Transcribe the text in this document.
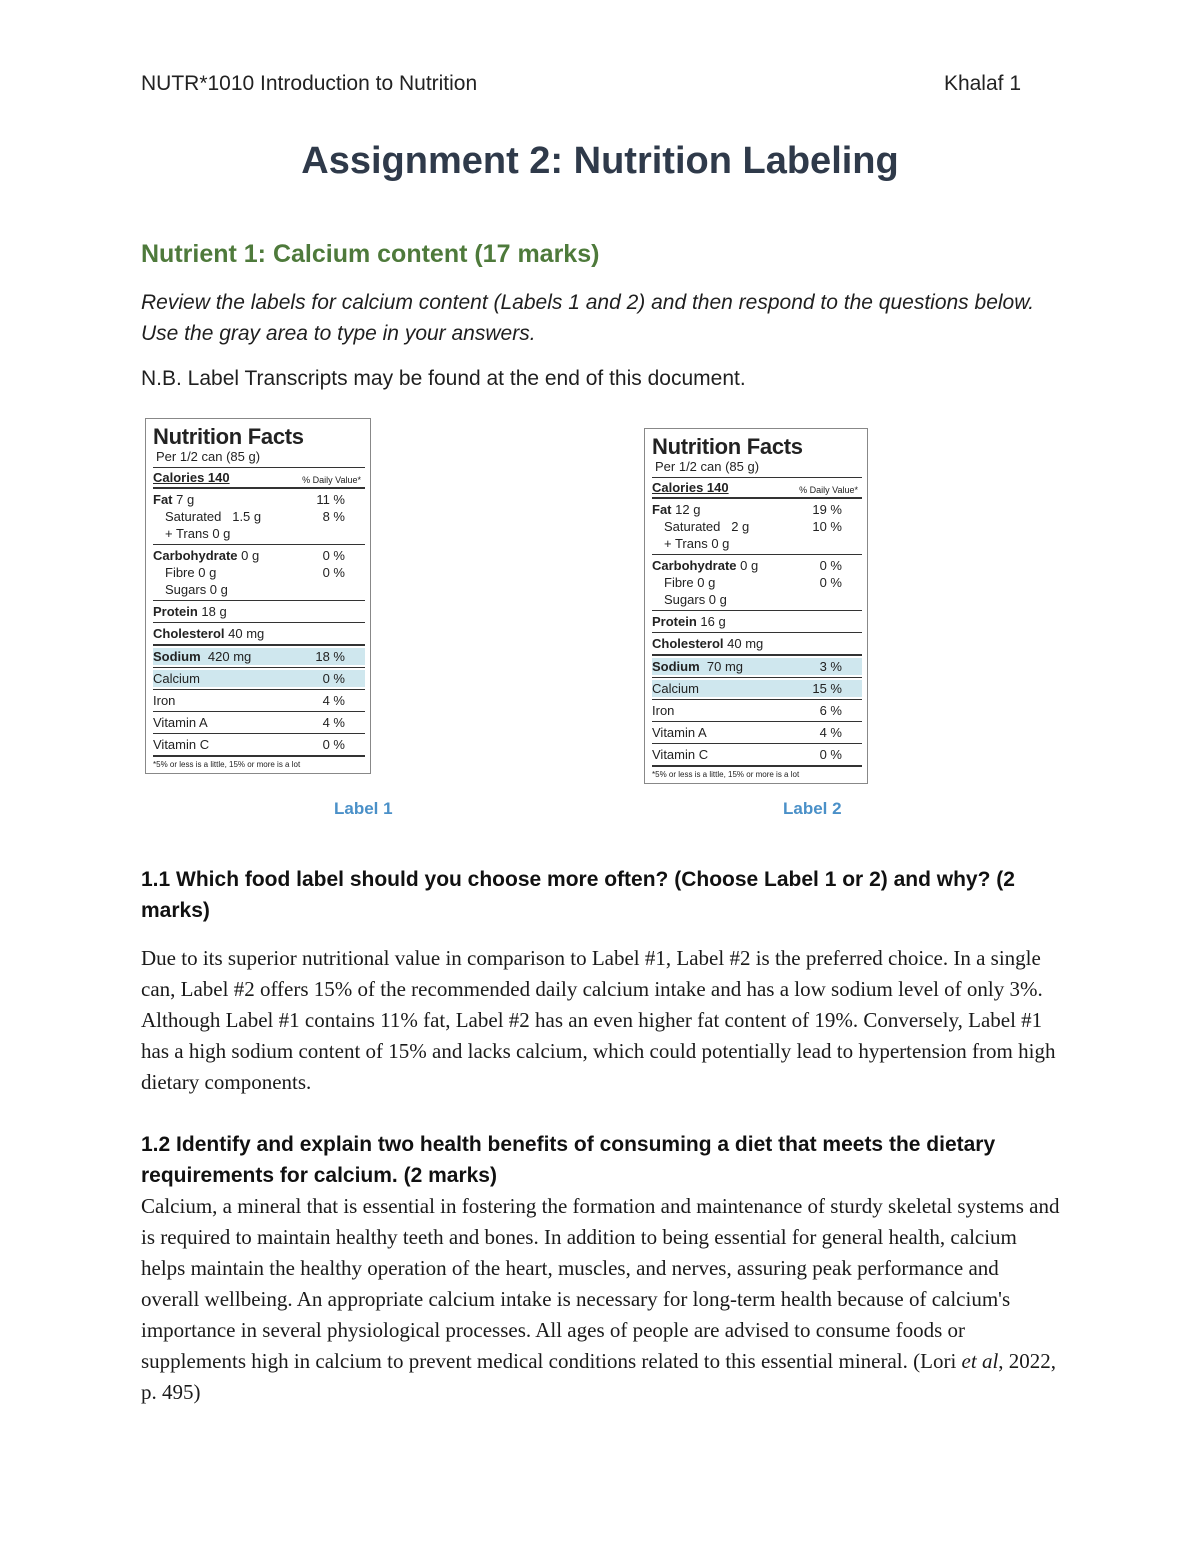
NUTR*1010 Introduction to Nutrition	Khalaf 1
Assignment 2: Nutrition Labeling
Nutrient 1: Calcium content (17 marks)
Review the labels for calcium content (Labels 1 and 2) and then respond to the questions below. Use the gray area to type in your answers.
N.B. Label Transcripts may be found at the end of this document.
Nutrition Facts
Per 1/2 can (85 g)
Calories 140	% Daily Value*
Fat 7 g	11 %
Saturated 1.5 g	8 %
+ Trans 0 g
Carbohydrate 0 g	0 %
Fibre 0 g	0 %
Sugars 0 g
Protein 18 g
Cholesterol 40 mg
Sodium 420 mg	18 %
Calcium	0 %
Iron	4 %
Vitamin A	4 %
Vitamin C	0 %
*5% or less is a little, 15% or more is a lot
Nutrition Facts
Per 1/2 can (85 g)
Calories 140	% Daily Value*
Fat 12 g	19 %
Saturated 2 g	10 %
+ Trans 0 g
Carbohydrate 0 g	0 %
Fibre 0 g	0 %
Sugars 0 g
Protein 16 g
Cholesterol 40 mg
Sodium 70 mg	3 %
Calcium	15 %
Iron	6 %
Vitamin A	4 %
Vitamin C	0 %
*5% or less is a little, 15% or more is a lot
Label 1	Label 2
1.1 Which food label should you choose more often? (Choose Label 1 or 2) and why? (2 marks)
Due to its superior nutritional value in comparison to Label #1, Label #2 is the preferred choice. In a single can, Label #2 offers 15% of the recommended daily calcium intake and has a low sodium level of only 3%. Although Label #1 contains 11% fat, Label #2 has an even higher fat content of 19%. Conversely, Label #1 has a high sodium content of 15% and lacks calcium, which could potentially lead to hypertension from high dietary components.
1.2 Identify and explain two health benefits of consuming a diet that meets the dietary requirements for calcium. (2 marks)
Calcium, a mineral that is essential in fostering the formation and maintenance of sturdy skeletal systems and is required to maintain healthy teeth and bones. In addition to being essential for general health, calcium helps maintain the healthy operation of the heart, muscles, and nerves, assuring peak performance and overall wellbeing. An appropriate calcium intake is necessary for long-term health because of calcium's importance in several physiological processes. All ages of people are advised to consume foods or supplements high in calcium to prevent medical conditions related to this essential mineral. (Lori et al, 2022, p. 495)
